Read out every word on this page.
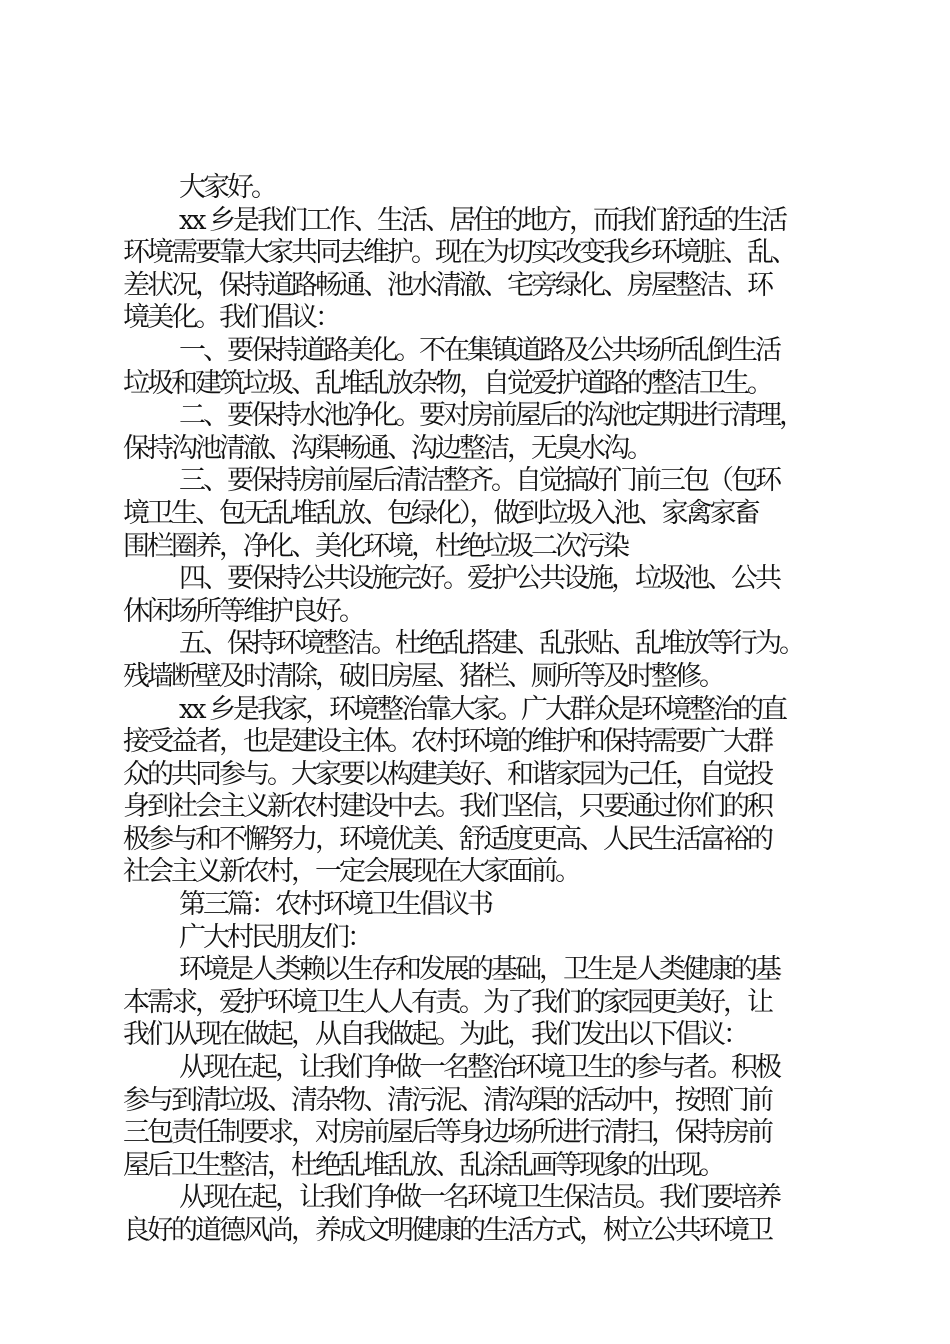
大家好。
xx 乡是我们工作、生活、居住的地方，而我们舒适的生活
环境需要靠大家共同去维护。现在为切实改变我乡环境脏、乱、
差状况，保持道路畅通、池水清澈、宅旁绿化、房屋整洁、环
境美化。我们倡议：
一、要保持道路美化。不在集镇道路及公共场所乱倒生活
垃圾和建筑垃圾、乱堆乱放杂物，自觉爱护道路的整洁卫生。
二、要保持水池净化。要对房前屋后的沟池定期进行清理，
保持沟池清澈、沟渠畅通、沟边整洁，无臭水沟。
三、要保持房前屋后清洁整齐。自觉搞好门前三包（包环
境卫生、包无乱堆乱放、包绿化），做到垃圾入池、家禽家畜
围栏圈养，净化、美化环境，杜绝垃圾二次污染
四、要保持公共设施完好。爱护公共设施，垃圾池、公共
休闲场所等维护良好。
五、保持环境整洁。杜绝乱搭建、乱张贴、乱堆放等行为。
残墙断壁及时清除，破旧房屋、猪栏、厕所等及时整修。
xx 乡是我家，环境整治靠大家。广大群众是环境整治的直
接受益者，也是建设主体。农村环境的维护和保持需要广大群
众的共同参与。大家要以构建美好、和谐家园为己任，自觉投
身到社会主义新农村建设中去。我们坚信，只要通过你们的积
极参与和不懈努力，环境优美、舒适度更高、人民生活富裕的
社会主义新农村，一定会展现在大家面前。
第三篇：农村环境卫生倡议书
广大村民朋友们：
环境是人类赖以生存和发展的基础，卫生是人类健康的基
本需求，爱护环境卫生人人有责。为了我们的家园更美好，让
我们从现在做起，从自我做起。为此，我们发出以下倡议：
从现在起，让我们争做一名整治环境卫生的参与者。积极
参与到清垃圾、清杂物、清污泥、清沟渠的活动中，按照门前
三包责任制要求，对房前屋后等身边场所进行清扫，保持房前
屋后卫生整洁，杜绝乱堆乱放、乱涂乱画等现象的出现。
从现在起，让我们争做一名环境卫生保洁员。我们要培养
良好的道德风尚，养成文明健康的生活方式，树立公共环境卫
